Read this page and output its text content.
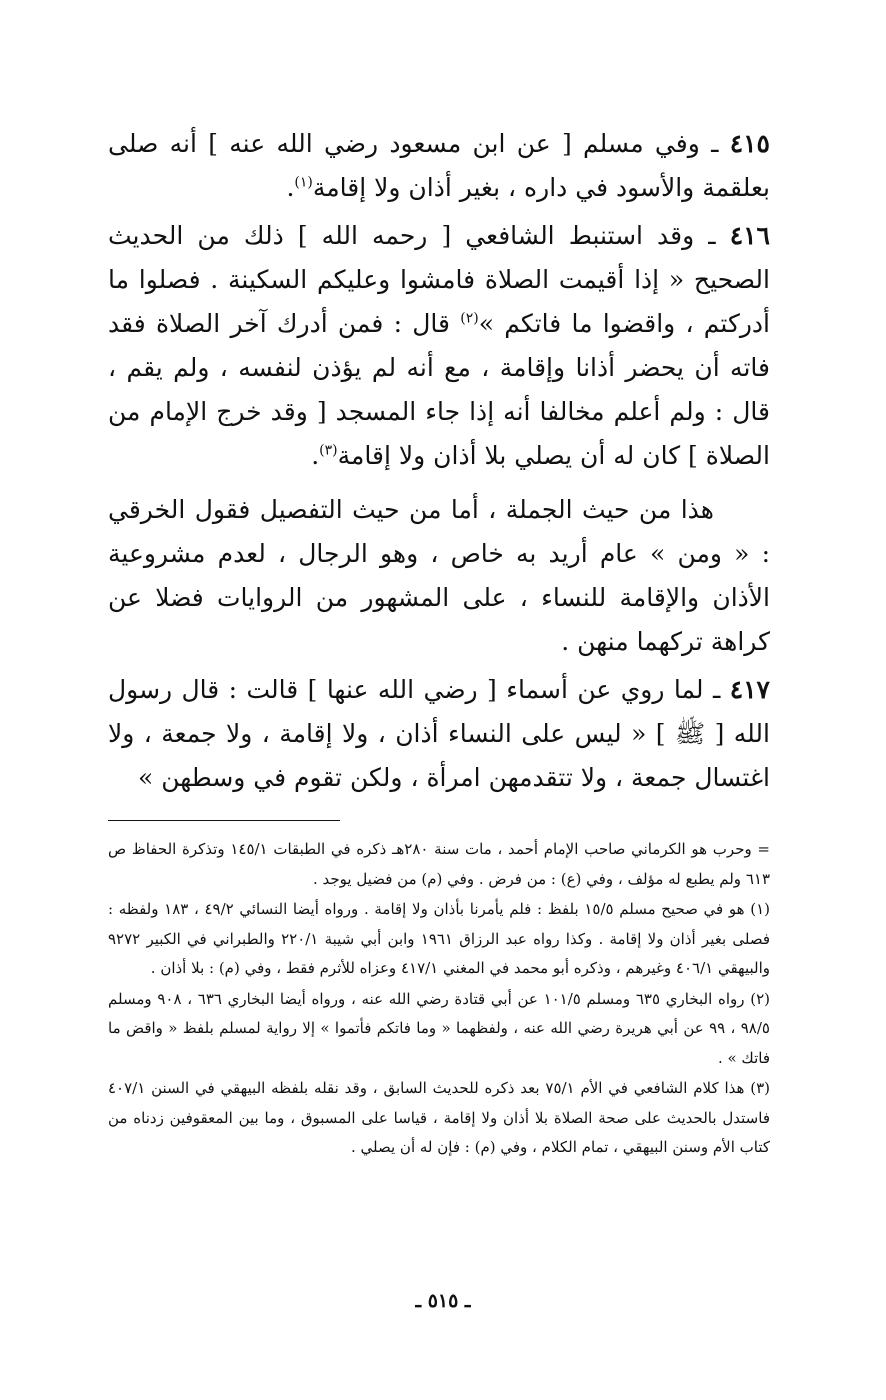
٤١٥ ـ وفي مسلم [ عن ابن مسعود رضي الله عنه ] أنه صلى بعلقمة والأسود في داره ، بغير أذان ولا إقامة$^{(١)}$.

٤١٦ ـ وقد استنبط الشافعي [ رحمه الله ] ذلك من الحديث الصحيح « إذا أقيمت الصلاة فامشوا وعليكم السكينة . فصلوا ما أدركتم ، واقضوا ما فاتكم »$^{(٢)}$ قال : فمن أدرك آخر الصلاة فقد فاته أن يحضر أذانا وإقامة ، مع أنه لم يؤذن لنفسه ، ولم يقم ، قال : ولم أعلم مخالفا أنه إذا جاء المسجد [ وقد خرج الإمام من الصلاة ] كان له أن يصلي بلا أذان ولا إقامة$^{(٣)}$.

هذا من حيث الجملة ، أما من حيث التفصيل فقول الخرقي : « ومن » عام أريد به خاص ، وهو الرجال ، لعدم مشروعية الأذان والإقامة للنساء ، على المشهور من الروايات فضلا عن كراهة تركهما منهن .

٤١٧ ـ لما روي عن أسماء [ رضي الله عنها ] قالت : قال رسول الله [ ﷺ ] « ليس على النساء أذان ، ولا إقامة ، ولا جمعة ، ولا اغتسال جمعة ، ولا تتقدمهن امرأة ، ولكن تقوم في وسطهن »

= وحرب هو الكرماني صاحب الإمام أحمد ، مات سنة ٢٨٠هـ ذكره في الطبقات ١٤٥/١ وتذكرة الحفاظ ص ٦١٣ ولم يطبع له مؤلف ، وفي (ع) : من فرض . وفي (م) من فضيل يوجد .

(١) هو في صحيح مسلم ١٥/٥ بلفظ : فلم يأمرنا بأذان ولا إقامة . ورواه أيضا النسائي ٤٩/٢ ، ١٨٣ ولفظه : فصلى بغير أذان ولا إقامة . وكذا رواه عبد الرزاق ١٩٦١ وابن أبي شيبة ٢٢٠/١ والطبراني في الكبير ٩٢٧٢ والبيهقي ٤٠٦/١ وغيرهم ، وذكره أبو محمد في المغني ٤١٧/١ وعزاه للأثرم فقط ، وفي (م) : بلا أذان .

(٢) رواه البخاري ٦٣٥ ومسلم ١٠١/٥ عن أبي قتادة رضي الله عنه ، ورواه أيضا البخاري ٦٣٦ ، ٩٠٨ ومسلم ٩٨/٥ ، ٩٩ عن أبي هريرة رضي الله عنه ، ولفظهما « وما فاتكم فأتموا » إلا رواية لمسلم بلفظ « واقض ما فاتك » .

(٣) هذا كلام الشافعي في الأم ٧٥/١ بعد ذكره للحديث السابق ، وقد نقله بلفظه البيهقي في السنن ٤٠٧/١ فاستدل بالحديث على صحة الصلاة بلا أذان ولا إقامة ، قياسا على المسبوق ، وما بين المعقوفين زدناه من كتاب الأم وسنن البيهقي ، تمام الكلام ، وفي (م) : فإن له أن يصلي .

ـ ٥١٥ ـ
